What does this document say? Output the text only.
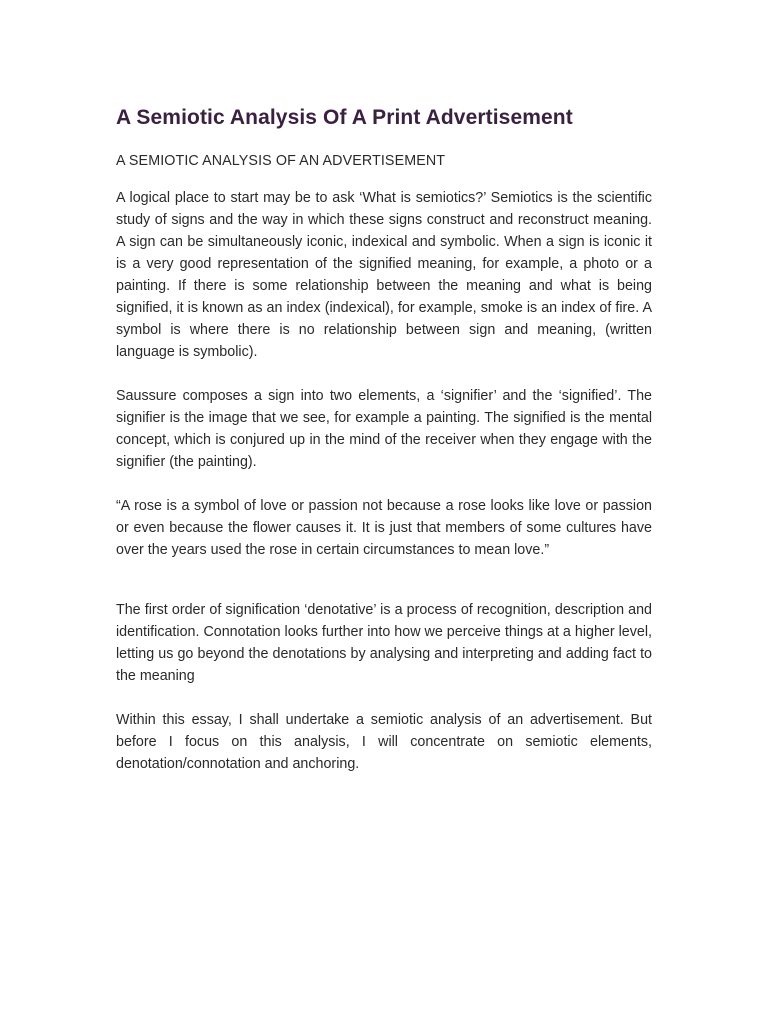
A Semiotic Analysis Of A Print Advertisement
A SEMIOTIC ANALYSIS OF AN ADVERTISEMENT

A logical place to start may be to ask ‘What is semiotics?’ Semiotics is the scientific study of signs and the way in which these signs construct and reconstruct meaning. A sign can be simultaneously iconic, indexical and symbolic. When a sign is iconic it is a very good representation of the signified meaning, for example, a photo or a painting. If there is some relationship between the meaning and what is being signified, it is known as an index (indexical), for example, smoke is an index of fire. A symbol is where there is no relationship between sign and meaning, (written language is symbolic).

Saussure composes a sign into two elements, a ‘signifier’ and the ‘signified’. The signifier is the image that we see, for example a painting. The signified is the mental concept, which is conjured up in the mind of the receiver when they engage with the signifier (the painting).

“A rose is a symbol of love or passion not because a rose looks like love or passion or even because the flower causes it. It is just that members of some cultures have over the years used the rose in certain circumstances to mean love.”

The first order of signification ‘denotative’ is a process of recognition, description and identification. Connotation looks further into how we perceive things at a higher level, letting us go beyond the denotations by analysing and interpreting and adding fact to the meaning

Within this essay, I shall undertake a semiotic analysis of an advertisement. But before I focus on this analysis, I will concentrate on semiotic elements, denotation/connotation and anchoring.
